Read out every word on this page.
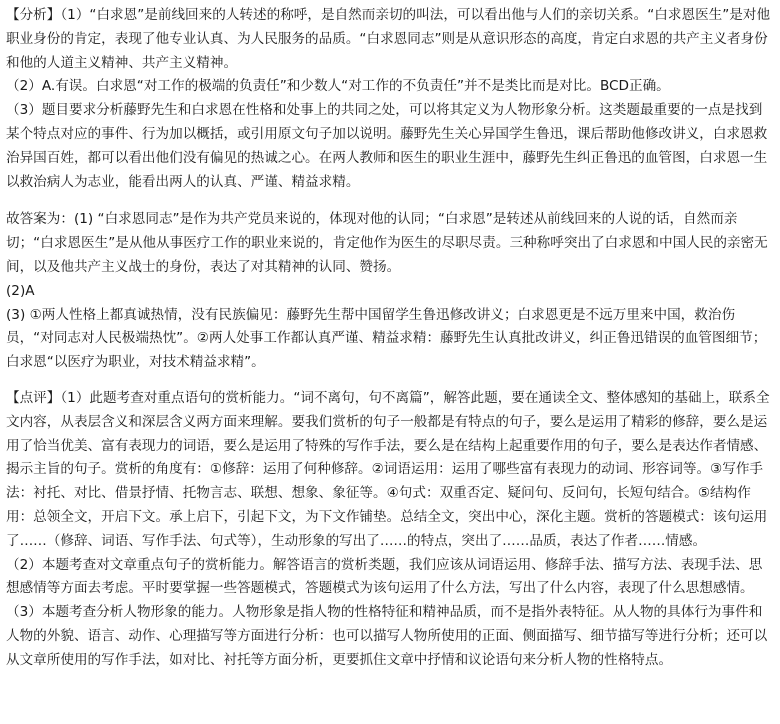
【分析】（1）“白求恩”是前线回来的人转述的称呼，是自然而亲切的叫法，可以看出他与人们的亲切关系。“白求恩医生”是对他职业身份的肯定，表现了他专业认真、为人民服务的品质。“白求恩同志”则是从意识形态的高度，肯定白求恩的共产主义者身份和他的人道主义精神、共产主义精神。

（2）A.有误。白求恩“对工作的极端的负责任”和少数人“对工作的不负责任”并不是类比而是对比。BCD正确。

（3）题目要求分析藤野先生和白求恩在性格和处事上的共同之处，可以将其定义为人物形象分析。这类题最重要的一点是找到某个特点对应的事件、行为加以概括，或引用原文句子加以说明。藤野先生关心异国学生鲁迅，课后帮助他修改讲义，白求恩救治异国百姓，都可以看出他们没有偏见的热诚之心。在两人教师和医生的职业生涯中，藤野先生纠正鲁迅的血管图，白求恩一生以救治病人为志业，能看出两人的认真、严谨、精益求精。

故答案为：(1) “白求恩同志”是作为共产党员来说的，体现对他的认同；“白求恩”是转述从前线回来的人说的话，自然而亲切；“白求恩医生”是从他从事医疗工作的职业来说的，肯定他作为医生的尽职尽责。三种称呼突出了白求恩和中国人民的亲密无间，以及他共产主义战士的身份，表达了对其精神的认同、赞扬。

(2)A

(3) ①两人性格上都真诚热情，没有民族偏见：藤野先生帮中国留学生鲁迅修改讲义；白求恩更是不远万里来中国，救治伤员，“对同志对人民极端热忱”。②两人处事工作都认真严谨、精益求精：藤野先生认真批改讲义，纠正鲁迅错误的血管图细节；白求恩“以医疗为职业，对技术精益求精”。

【点评】（1）此题考查对重点语句的赏析能力。“词不离句，句不离篇”，解答此题，要在通读全文、整体感知的基础上，联系全文内容，从表层含义和深层含义两方面来理解。要我们赏析的句子一般都是有特点的句子，要么是运用了精彩的修辞，要么是运用了恰当优美、富有表现力的词语，要么是运用了特殊的写作手法，要么是在结构上起重要作用的句子，要么是表达作者情感、揭示主旨的句子。赏析的角度有：①修辞：运用了何种修辞。②词语运用：运用了哪些富有表现力的动词、形容词等。③写作手法：衬托、对比、借景抒情、托物言志、联想、想象、象征等。④句式：双重否定、疑问句、反问句，长短句结合。⑤结构作用：总领全文，开启下文。承上启下，引起下文，为下文作铺垫。总结全文，突出中心，深化主题。赏析的答题模式：该句运用了……（修辞、词语、写作手法、句式等），生动形象的写出了……的特点，突出了……品质，表达了作者……情感。

（2）本题考查对文章重点句子的赏析能力。解答语言的赏析类题，我们应该从词语运用、修辞手法、描写方法、表现手法、思想感情等方面去考虑。平时要掌握一些答题模式，答题模式为该句运用了什么方法，写出了什么内容，表现了什么思想感情。

（3）本题考查分析人物形象的能力。人物形象是指人物的性格特征和精神品质，而不是指外表特征。从人物的具体行为事件和人物的外貌、语言、动作、心理描写等方面进行分析：也可以描写人物所使用的正面、侧面描写、细节描写等进行分析；还可以从文章所使用的写作手法，如对比、衬托等方面分析，更要抓住文章中抒情和议论语句来分析人物的性格特点。
